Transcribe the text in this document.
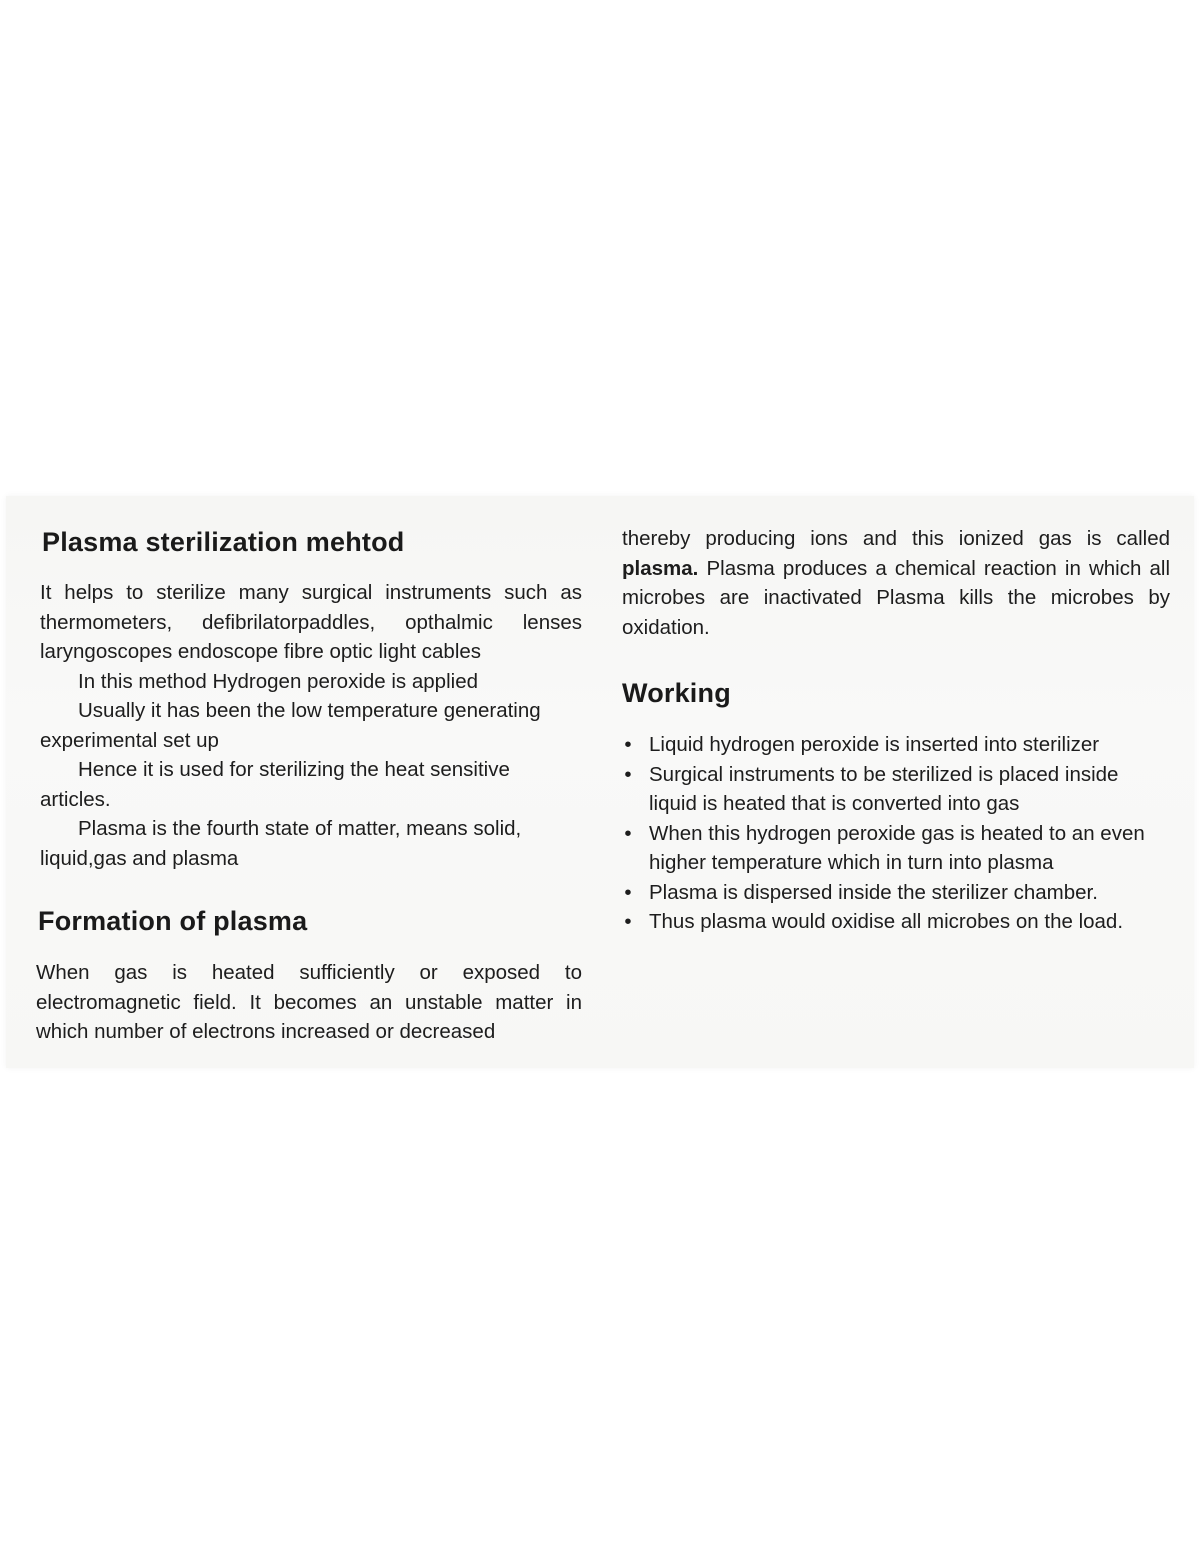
Plasma sterilization mehtod

It helps to sterilize many surgical instruments such as thermometers, defibrilatorpaddles, opthalmic lenses laryngoscopes endoscope fibre optic light cables

In this method Hydrogen peroxide is applied

Usually it has been the low temperature generating experimental set up

Hence it is used for sterilizing the heat sensitive articles.

Plasma is the fourth state of matter, means solid, liquid,gas and plasma

Formation of plasma

When gas is heated sufficiently or exposed to electromagnetic field. It becomes an unstable matter in which number of electrons increased or decreased

thereby producing ions and this ionized gas is called plasma. Plasma produces a chemical reaction in which all microbes are inactivated Plasma kills the microbes by oxidation.

Working
• Liquid hydrogen peroxide is inserted into sterilizer
• Surgical instruments to be sterilized is placed inside liquid is heated that is converted into gas
• When this hydrogen peroxide gas is heated to an even higher temperature which in turn into plasma
• Plasma is dispersed inside the sterilizer chamber.
• Thus plasma would oxidise all microbes on the load.
